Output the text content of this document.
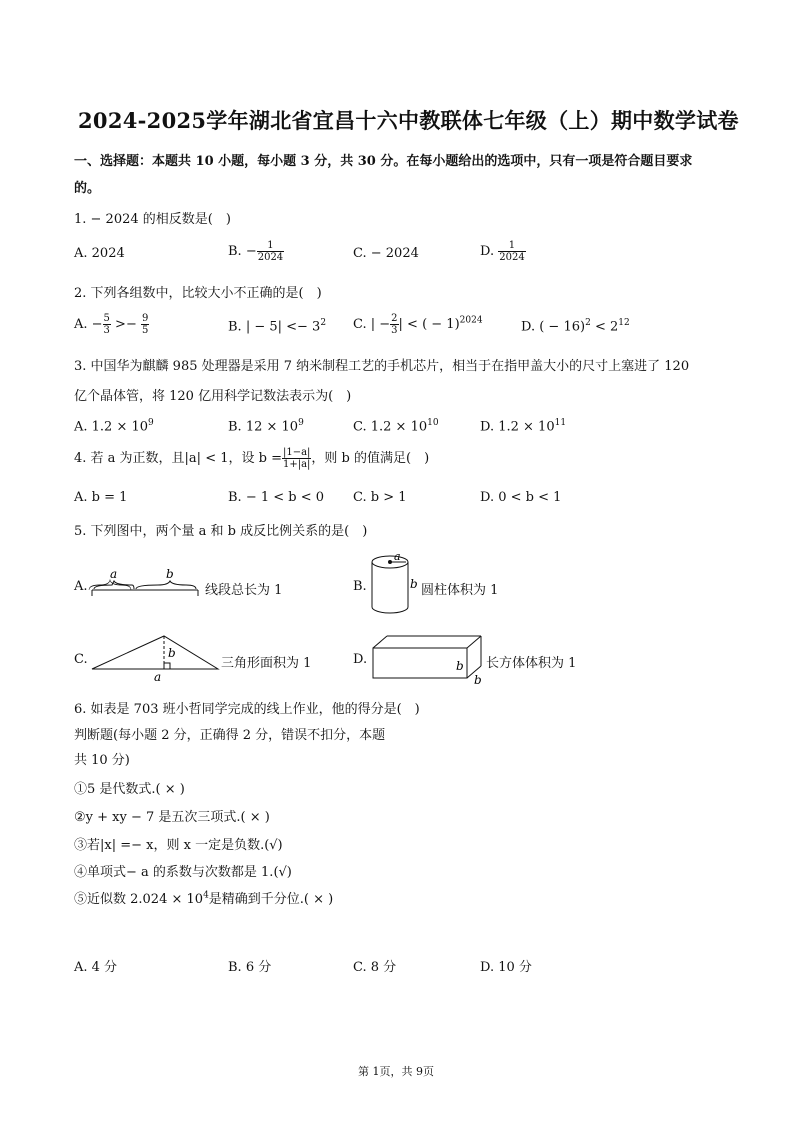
2024-2025学年湖北省宜昌十六中教联体七年级（上）期中数学试卷
一、选择题：本题共 10 小题，每小题 3 分，共 30 分。在每小题给出的选项中，只有一项是符合题目要求
的。
1. − 2024 的相反数是(　)
A. 2024	B. − $\frac{1}{2024}$	C. − 2024	D. $\frac{1}{2024}$
2. 下列各组数中，比较大小不正确的是(　)
A. − $\frac{5}{3} >- \frac{9}{5}$	B. | − $5| <- 3^2$ C. | − $\frac{2}{3}$ | < ( − 1)$^{2024}$	D. ( − $16)^2 < 2^{12}$
3. 中国华为麒麟 985 处理器是采用 7 纳米制程工艺的手机芯片，相当于在指甲盖大小的尺寸上塞进了 120
亿个晶体管，将 120 亿用科学记数法表示为(　)
A. $1.2 \times 10^9$	B. $12 \times 10^9$	C. $1.2 \times 10^{10}$	D. $1.2 \times 10^{11}$
4. 若 a 为正数，且|a| < 1，设 $b = \frac{|1-a|}{1+|a|}$ ，则 b 的值满足(　)
A. b = 1	B. − 1 < b < 0 C. b > 1	D. 0 < b < 1
5. 下列图中，两个量 a 和 b 成反比例关系的是(　)
A.
a	b
线段总长为 1	B.
a
b 圆柱体积为 1
C.	b
a
三角形面积为 1	D.	b
b
长方体体积为 1
6. 如表是 703 班小哲同学完成的线上作业，他的得分是(　)
判断题(每小题 2 分，正确得 2 分，错误不扣分，本题
共 10 分)
①5 是代数式.( × )
②y + xy − 7 是五次三项式.( × )
③若|x| =− x，则 x 一定是负数.(√)
④单项式− a 的系数与次数都是 1.(√)
⑤近似数 $2.024 \times 10^4$是精确到千分位.( × )
A. 4 分	B. 6 分	C. 8 分	D. 10 分
第 1页，共 9页
